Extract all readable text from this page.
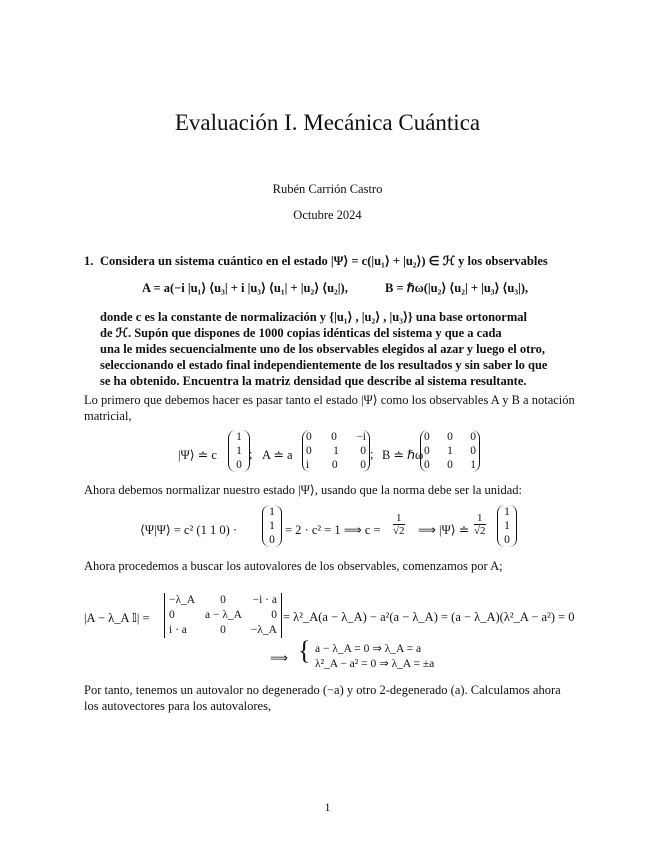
Evaluación I. Mecánica Cuántica
Rubén Carrión Castro
Octubre 2024
1. Considera un sistema cuántico en el estado |Ψ⟩ = c(|u₁⟩ + |u₂⟩) ∈ ℋ y los observables
A = a(−i |u₁⟩ ⟨u₃| + i |u₃⟩ ⟨u₁| + |u₂⟩ ⟨u₂|),	B = ℏω(|u₂⟩ ⟨u₂| + |u₃⟩ ⟨u₃|),
donde c es la constante de normalización y {|u₁⟩ , |u₂⟩ , |u₃⟩} una base ortonormal
de ℋ. Supón que dispones de 1000 copias idénticas del sistema y que a cada
una le mides secuencialmente uno de los observables elegidos al azar y luego el otro,
seleccionando el estado final independientemente de los resultados y sin saber lo que
se ha obtenido. Encuentra la matriz densidad que describe al sistema resultante.
Lo primero que debemos hacer es pasar tanto el estado |Ψ⟩ como los observables A y B a notación
matricial,
|Ψ⟩ ≐ c
1
1
0
; A ≐ a
0 0 −i
0 1 0
i 0 0
; B ≐ ℏω
0 0 0
0 1 0
0 0 1
Ahora debemos normalizar nuestro estado |Ψ⟩, usando que la norma debe ser la unidad:
⟨Ψ|Ψ⟩ = c² (1 1 0) ·
1
1
0
= 2 · c² = 1 ⟹ $c = \frac{1}{√2}$ ⟹ |Ψ⟩ ≐ $\frac{1}{√2} 1$
1
0
Ahora procedemos a buscar los autovalores de los observables, comenzamos por A;
|A − λ_A 𝕀| =
−λ_A	0	−i · a
0	a − λ_A	0
i · a	0	−λ_A
= λ²_A(a − λ_A) − a²(a − λ_A) = (a − λ_A)(λ²_A − a²) = 0
⟹ { a − λ_A = 0 ⇒ λ_A = a
λ²_A − a² = 0 ⇒ λ_A = ±a
Por tanto, tenemos un autovalor no degenerado (−a) y otro 2-degenerado (a). Calculamos ahora
los autovectores para los autovalores,
1
